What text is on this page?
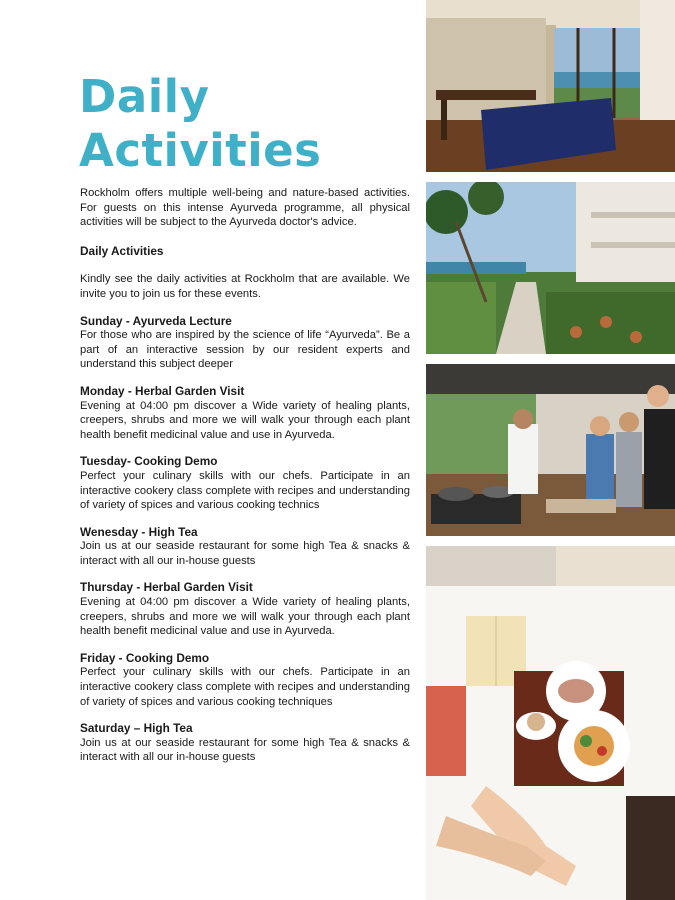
Daily
Activities

Rockholm offers multiple well-being and nature-based activities. For guests on this intense Ayurveda programme, all physical activities will be subject to the Ayurveda doctor's advice.

Daily Activities

Kindly see the daily activities at Rockholm that are available. We invite you to join us for these events.

Sunday - Ayurveda Lecture

For those who are inspired by the science of life “Ayurveda”. Be a part of an interactive session by our resident experts and understand this subject deeper

Monday - Herbal Garden Visit

Evening at 04:00 pm discover a Wide variety of healing plants, creepers, shrubs and more we will walk your through each plant health benefit medicinal value and use in Ayurveda.

Tuesday- Cooking Demo

Perfect your culinary skills with our chefs. Participate in an interactive cookery class complete with recipes and understanding of variety of spices and various cooking technics

Wenesday - High Tea

Join us at our seaside restaurant for some high Tea & snacks & interact with all our in-house guests

Thursday - Herbal Garden Visit

Evening at 04:00 pm discover a Wide variety of healing plants, creepers, shrubs and more we will walk your through each plant health benefit medicinal value and use in Ayurveda.

Friday - Cooking Demo

Perfect your culinary skills with our chefs. Participate in an interactive cookery class complete with recipes and understanding of variety of spices and various cooking techniques

Saturday – High Tea

Join us at our seaside restaurant for some high Tea & snacks & interact with all our in-house guests
